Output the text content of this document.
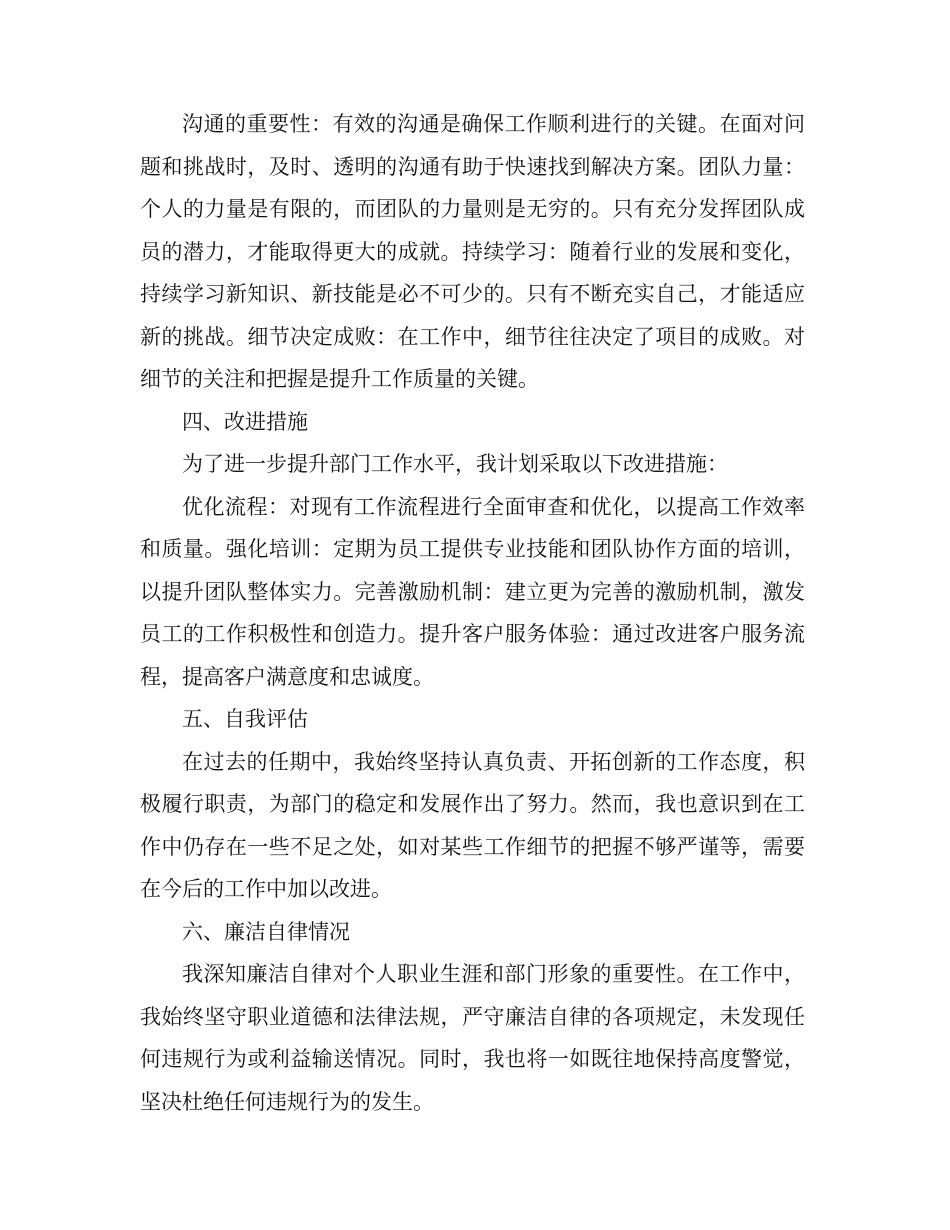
沟通的重要性：有效的沟通是确保工作顺利进行的关键。在面对问题和挑战时，及时、透明的沟通有助于快速找到解决方案。团队力量：个人的力量是有限的，而团队的力量则是无穷的。只有充分发挥团队成员的潜力，才能取得更大的成就。持续学习：随着行业的发展和变化，持续学习新知识、新技能是必不可少的。只有不断充实自己，才能适应新的挑战。细节决定成败：在工作中，细节往往决定了项目的成败。对细节的关注和把握是提升工作质量的关键。

四、改进措施

为了进一步提升部门工作水平，我计划采取以下改进措施：

优化流程：对现有工作流程进行全面审查和优化，以提高工作效率和质量。强化培训：定期为员工提供专业技能和团队协作方面的培训，以提升团队整体实力。完善激励机制：建立更为完善的激励机制，激发员工的工作积极性和创造力。提升客户服务体验：通过改进客户服务流程，提高客户满意度和忠诚度。

五、自我评估

在过去的任期中，我始终坚持认真负责、开拓创新的工作态度，积极履行职责，为部门的稳定和发展作出了努力。然而，我也意识到在工作中仍存在一些不足之处，如对某些工作细节的把握不够严谨等，需要在今后的工作中加以改进。

六、廉洁自律情况

我深知廉洁自律对个人职业生涯和部门形象的重要性。在工作中，我始终坚守职业道德和法律法规，严守廉洁自律的各项规定，未发现任何违规行为或利益输送情况。同时，我也将一如既往地保持高度警觉，坚决杜绝任何违规行为的发生。
